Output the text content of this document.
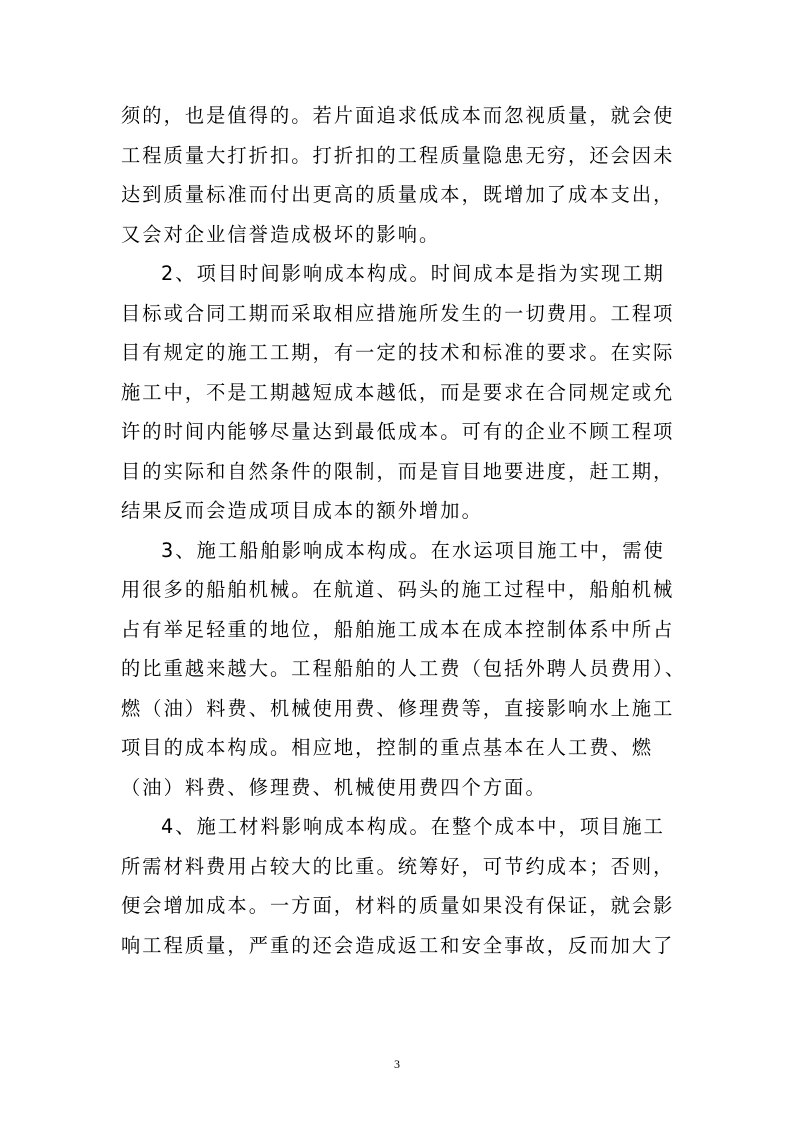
须的，也是值得的。若片面追求低成本而忽视质量，就会使
工程质量大打折扣。打折扣的工程质量隐患无穷，还会因未
达到质量标准而付出更高的质量成本，既增加了成本支出，
又会对企业信誉造成极坏的影响。
2、项目时间影响成本构成。时间成本是指为实现工期
目标或合同工期而采取相应措施所发生的一切费用。工程项
目有规定的施工工期，有一定的技术和标准的要求。在实际
施工中，不是工期越短成本越低，而是要求在合同规定或允
许的时间内能够尽量达到最低成本。可有的企业不顾工程项
目的实际和自然条件的限制，而是盲目地要进度，赶工期，
结果反而会造成项目成本的额外增加。
3、施工船舶影响成本构成。在水运项目施工中，需使
用很多的船舶机械。在航道、码头的施工过程中，船舶机械
占有举足轻重的地位，船舶施工成本在成本控制体系中所占
的比重越来越大。工程船舶的人工费（包括外聘人员费用）、
燃（油）料费、机械使用费、修理费等，直接影响水上施工
项目的成本构成。相应地，控制的重点基本在人工费、燃
（油）料费、修理费、机械使用费四个方面。
4、施工材料影响成本构成。在整个成本中，项目施工
所需材料费用占较大的比重。统筹好，可节约成本；否则，
便会增加成本。一方面，材料的质量如果没有保证，就会影
响工程质量，严重的还会造成返工和安全事故，反而加大了
3
